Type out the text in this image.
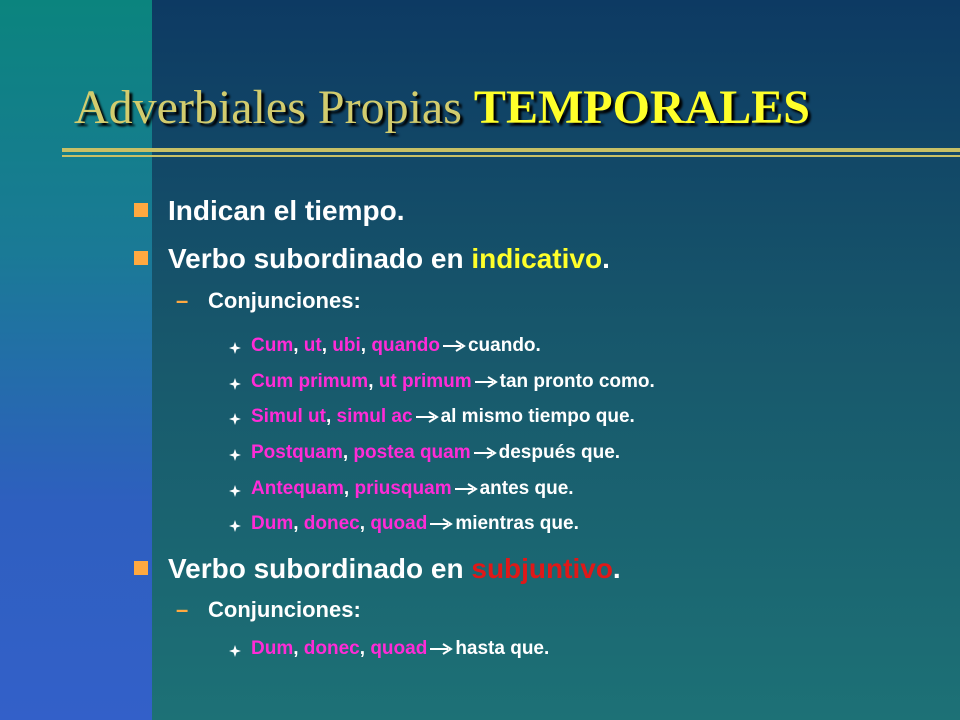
Adverbiales Propias TEMPORALES
Indican el tiempo.
Verbo subordinado en indicativo.
– Conjunciones:
Cum, ut, ubi, quando cuando.
Cum primum, ut primum tan pronto como.
Simul ut, simul ac al mismo tiempo que.
Postquam, postea quam después que.
Antequam, priusquam antes que.
Dum, donec, quoad mientras que.
Verbo subordinado en subjuntivo.
– Conjunciones:
Dum, donec, quoad hasta que.
